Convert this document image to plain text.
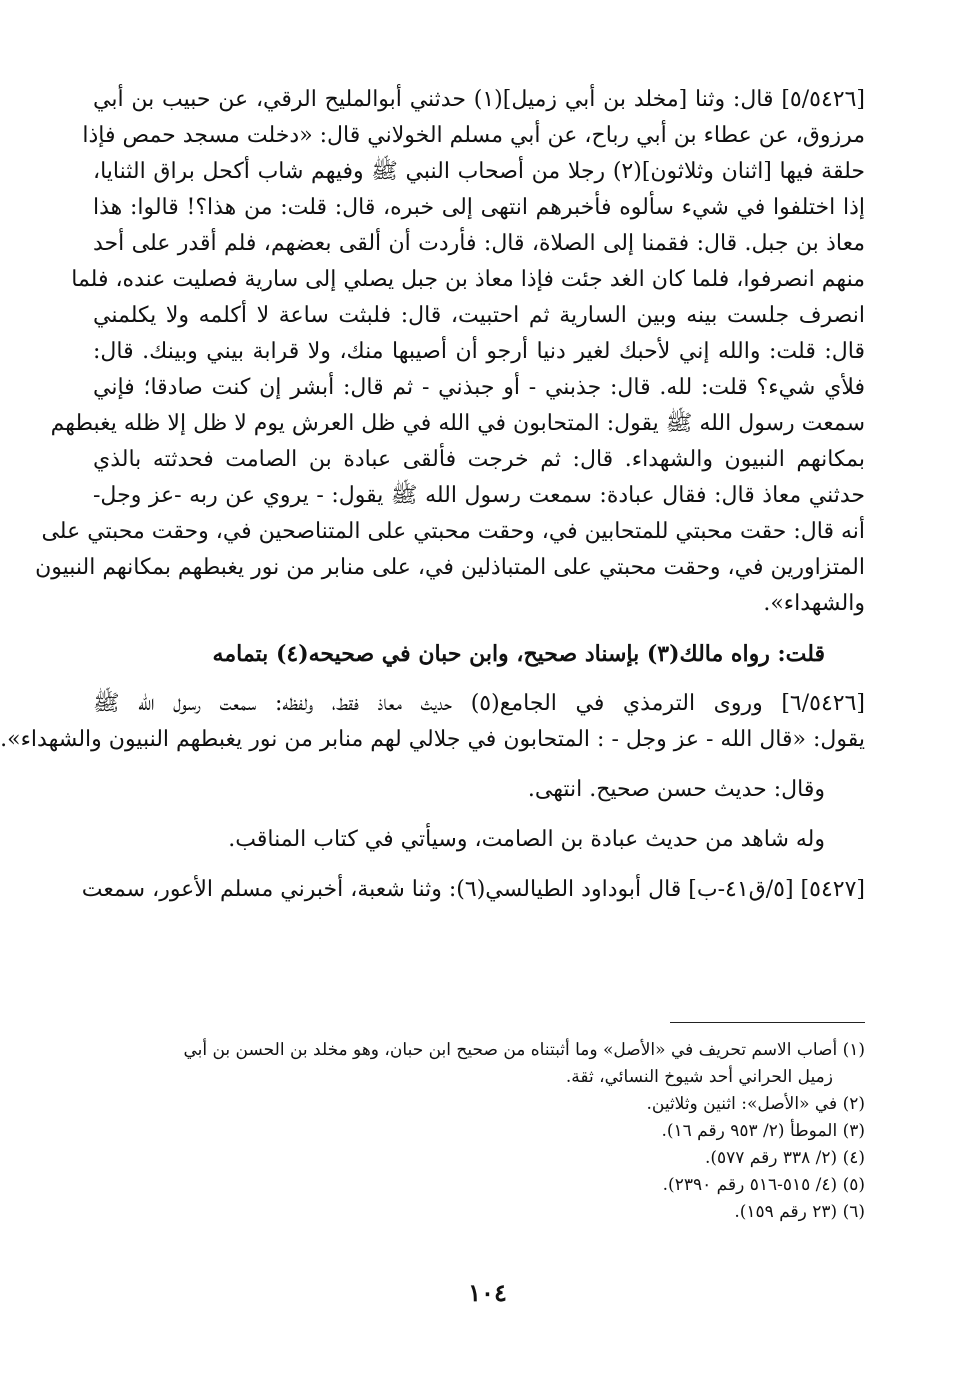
[٥/٥٤٢٦] قال: وثنا [مخلد بن أبي زميل](١) حدثني أبوالمليح الرقي، عن حبيب بن أبي
مرزوق، عن عطاء بن أبي رباح، عن أبي مسلم الخولاني قال: «دخلت مسجد حمص فإذا
حلقة فيها [اثنان وثلاثون](٢) رجلا من أصحاب النبي ﷺ وفيهم شاب أكحل براق الثنايا،
إذا اختلفوا في شيء سألوه فأخبرهم انتهى إلى خبره، قال: قلت: من هذا؟! قالوا: هذا
معاذ بن جبل. قال: فقمنا إلى الصلاة، قال: فأردت أن ألقى بعضهم، فلم أقدر على أحد
منهم انصرفوا، فلما كان الغد جئت فإذا معاذ بن جبل يصلي إلى سارية فصليت عنده، فلما
انصرف جلست بينه وبين السارية ثم احتبيت، قال: فلبثت ساعة لا أكلمه ولا يكلمني
قال: قلت: والله إني لأحبك لغير دنيا أرجو أن أصيبها منك، ولا قرابة بيني وبينك. قال:
فلأي شيء؟ قلت: لله. قال: جذبني - أو جبذني - ثم قال: أبشر إن كنت صادقا؛ فإني
سمعت رسول الله ﷺ يقول: المتحابون في الله في ظل العرش يوم لا ظل إلا ظله يغبطهم
بمكانهم النبيون والشهداء. قال: ثم خرجت فألقى عبادة بن الصامت فحدثته بالذي
حدثني معاذ قال: فقال عبادة: سمعت رسول الله ﷺ يقول: - يروي عن ربه -عز وجل-
أنه قال: حقت محبتي للمتحابين في، وحقت محبتي على المتناصحين في، وحقت محبتي على
المتزاورين في، وحقت محبتي على المتباذلين في، على منابر من نور يغبطهم بمكانهم النبيون
والشهداء».
قلت: رواه مالك(٣) بإسناد صحيح، وابن حبان في صحيحه(٤) بتمامه
[٦/٥٤٢٦] وروى الترمذي في الجامع(٥) حديث معاذ فقط، ولفظه: سمعت رسول الله ﷺ
يقول: «قال الله - عز وجل - : المتحابون في جلالي لهم منابر من نور يغبطهم النبيون والشهداء».
وقال: حديث حسن صحيح. انتهى.
وله شاهد من حديث عبادة بن الصامت، وسيأتي في كتاب المناقب.
[٥٤٢٧] [٥/ق٤١-ب] قال أبوداود الطيالسي(٦): وثنا شعبة، أخبرني مسلم الأعور، سمعت
(١) أصاب الاسم تحريف في «الأصل» وما أثبتناه من صحيح ابن حبان، وهو مخلد بن الحسن بن أبي
زميل الحراني أحد شيوخ النسائي، ثقة.
(٢) في «الأصل»: اثنين وثلاثين.
(٣) الموطأ (٢/ ٩٥٣ رقم ١٦).
(٤) (٢/ ٣٣٨ رقم ٥٧٧).
(٥) (٤/ ٥١٥-٥١٦ رقم ٢٣٩٠).
(٦) (٢٣ رقم ١٥٩).
١٠٤
